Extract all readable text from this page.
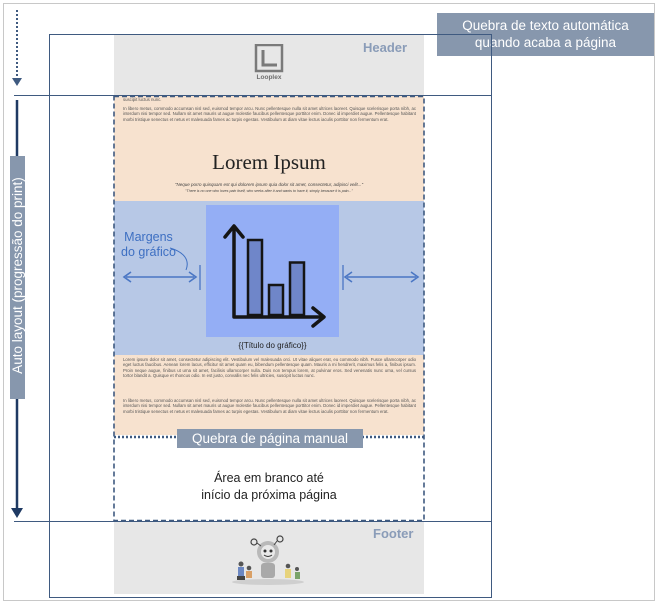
Quebra de texto automática
quando acaba a página
Header
Looplex
suscipit luctus nunc.
In libero metus, commodo accumsan nisl sed, euismod tempor arcu. Nunc pellentesque nulla sit amet ultrices laoreet. Quisque scelerisque porta nibh, ac interdum nisi tempor sed. Nullam sit amet mauris ut augue molestie faucibus pellentesque porttitor enim. Donec id imperdiet augue. Pellentesque habitant morbi tristique senectus et netus et malesuada fames ac turpis egestas. Vestibulum at diam vitae lectus iaculis porttitor non fermentum erat.
Lorem Ipsum
"Neque porro quisquam est qui dolorem ipsum quia dolor sit amet, consectetur, adipisci velit..."
"There is no one who loves pain itself, who seeks after it and wants to have it, simply because it is pain..."
{{Título do gráfico}}
Margens
do gráfico
Lorem ipsum dolor sit amet, consectetur adipiscing elit. Vestibulum vel malesuada orci. Ut vitae aliquet erat, eu commodo nibh. Fusce ullamcorper odio eget luctus faucibus. Aenean lorem lacus, efficitur sit amet quam eu, bibendum pellentesque quam. Mauris a mi hendrerit, maximus felis a, finibus ipsum. Proin neque augue, finibus ut urna sit amet, facilisis ullamcorper nulla. Duis non tempus lorem, at pulvinar eros. Sed venenatis nunc urna, vel cursus tortor blandit a. Quisque et rhoncus odio. In est justo, convallis nec felis ultricies, suscipit luctus nunc.
In libero metus, commodo accumsan nisl sed, euismod tempor arcu. Nunc pellentesque nulla sit amet ultrices laoreet. Quisque scelerisque porta nibh, ac interdum nisi tempor sed. Nullam sit amet mauris ut augue molestie faucibus pellentesque porttitor enim. Donec id imperdiet augue. Pellentesque habitant morbi tristique senectus et netus et malesuada fames ac turpis egestas. Vestibulum at diam vitae lectus iaculis porttitor non fermentum erat.
Quebra de página manual
Área em branco até
início da próxima página
Footer
Auto layout (progressão do print)
